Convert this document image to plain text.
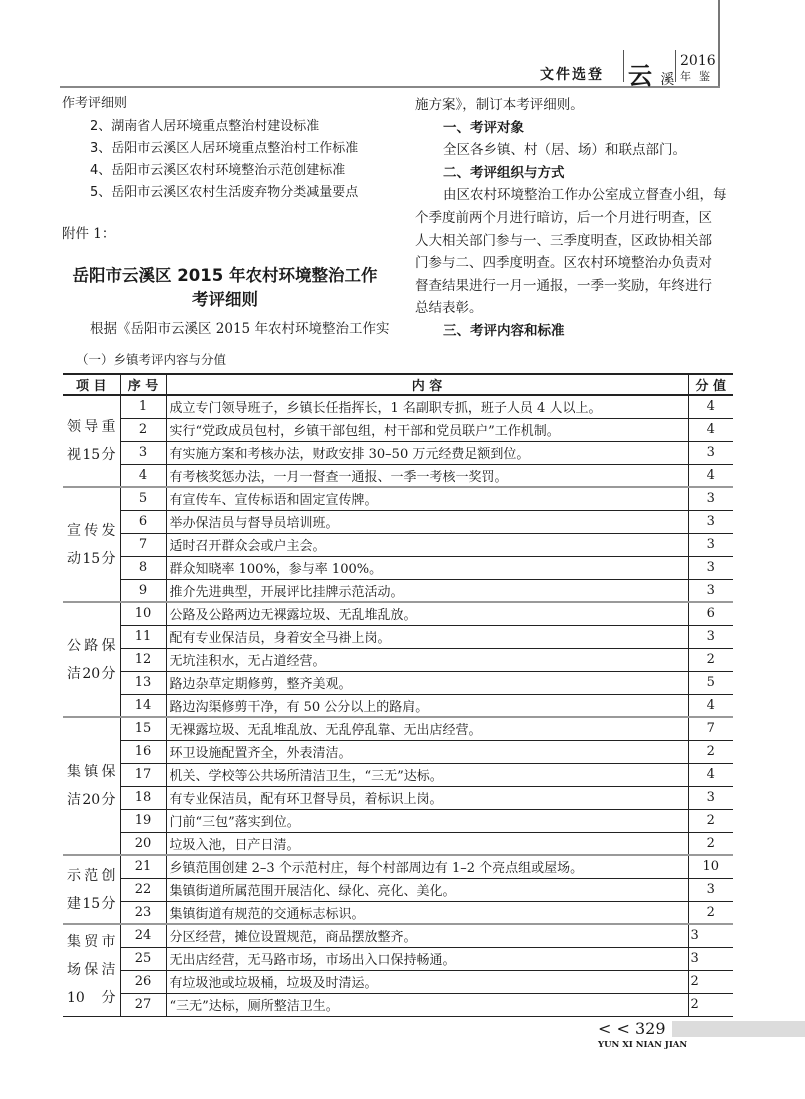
文件选登 云 溪
2016
年鉴
作考评细则
2、湖南省人居环境重点整治村建设标准
3、岳阳市云溪区人居环境重点整治村工作标准
4、岳阳市云溪区农村环境整治示范创建标准
5、岳阳市云溪区农村生活废弃物分类减量要点
附件 1：
岳阳市云溪区 2015 年农村环境整治工作
考评细则
根据《岳阳市云溪区 2015 年农村环境整治工作实
施方案》，制订本考评细则。
一、考评对象
全区各乡镇、村（居、场）和联点部门。
二、考评组织与方式
由区农村环境整治工作办公室成立督查小组，每
个季度前两个月进行暗访，后一个月进行明查，区
人大相关部门参与一、三季度明查，区政协相关部
门参与二、四季度明查。区农村环境整治办负责对
督查结果进行一月一通报，一季一奖励，年终进行
总结表彰。
三、考评内容和标准
（一）乡镇考评内容与分值
项 目	序 号	内 容	分 值
领导重视15分	1	成立专门领导班子，乡镇长任指挥长，1 名副职专抓，班子人员 4 人以上。	4
	2	实行“党政成员包村，乡镇干部包组，村干部和党员联户”工作机制。	4
	3	有实施方案和考核办法，财政安排 30–50 万元经费足额到位。	3
	4	有考核奖惩办法，一月一督查一通报、一季一考核一奖罚。	4
宣传发动15分	5	有宣传车、宣传标语和固定宣传牌。	3
	6	举办保洁员与督导员培训班。	3
	7	适时召开群众会或户主会。	3
	8	群众知晓率 100%，参与率 100%。	3
	9	推介先进典型，开展评比挂牌示范活动。	3
公路保洁20分	10	公路及公路两边无裸露垃圾、无乱堆乱放。	6
	11	配有专业保洁员，身着安全马褂上岗。	3
	12	无坑洼积水，无占道经营。	2
	13	路边杂草定期修剪，整齐美观。	5
	14	路边沟渠修剪干净，有 50 公分以上的路肩。	4
集镇保洁20分	15	无裸露垃圾、无乱堆乱放、无乱停乱靠、无出店经营。	7
	16	环卫设施配置齐全，外表清洁。	2
	17	机关、学校等公共场所清洁卫生，“三无”达标。	4
	18	有专业保洁员，配有环卫督导员，着标识上岗。	3
	19	门前“三包”落实到位。	2
	20	垃圾入池，日产日清。	2
示范创建15分	21	乡镇范围创建 2–3 个示范村庄，每个村部周边有 1–2 个亮点组或屋场。	10
	22	集镇街道所属范围开展洁化、绿化、亮化、美化。	3
	23	集镇街道有规范的交通标志标识。	2
集贸市场保洁10分	24	分区经营，摊位设置规范，商品摆放整齐。	3
	25	无出店经营，无马路市场，市场出入口保持畅通。	3
	26	有垃圾池或垃圾桶，垃圾及时清运。	2
	27	“三无”达标，厕所整洁卫生。	2
< < 329
YUN XI NIAN JIAN
